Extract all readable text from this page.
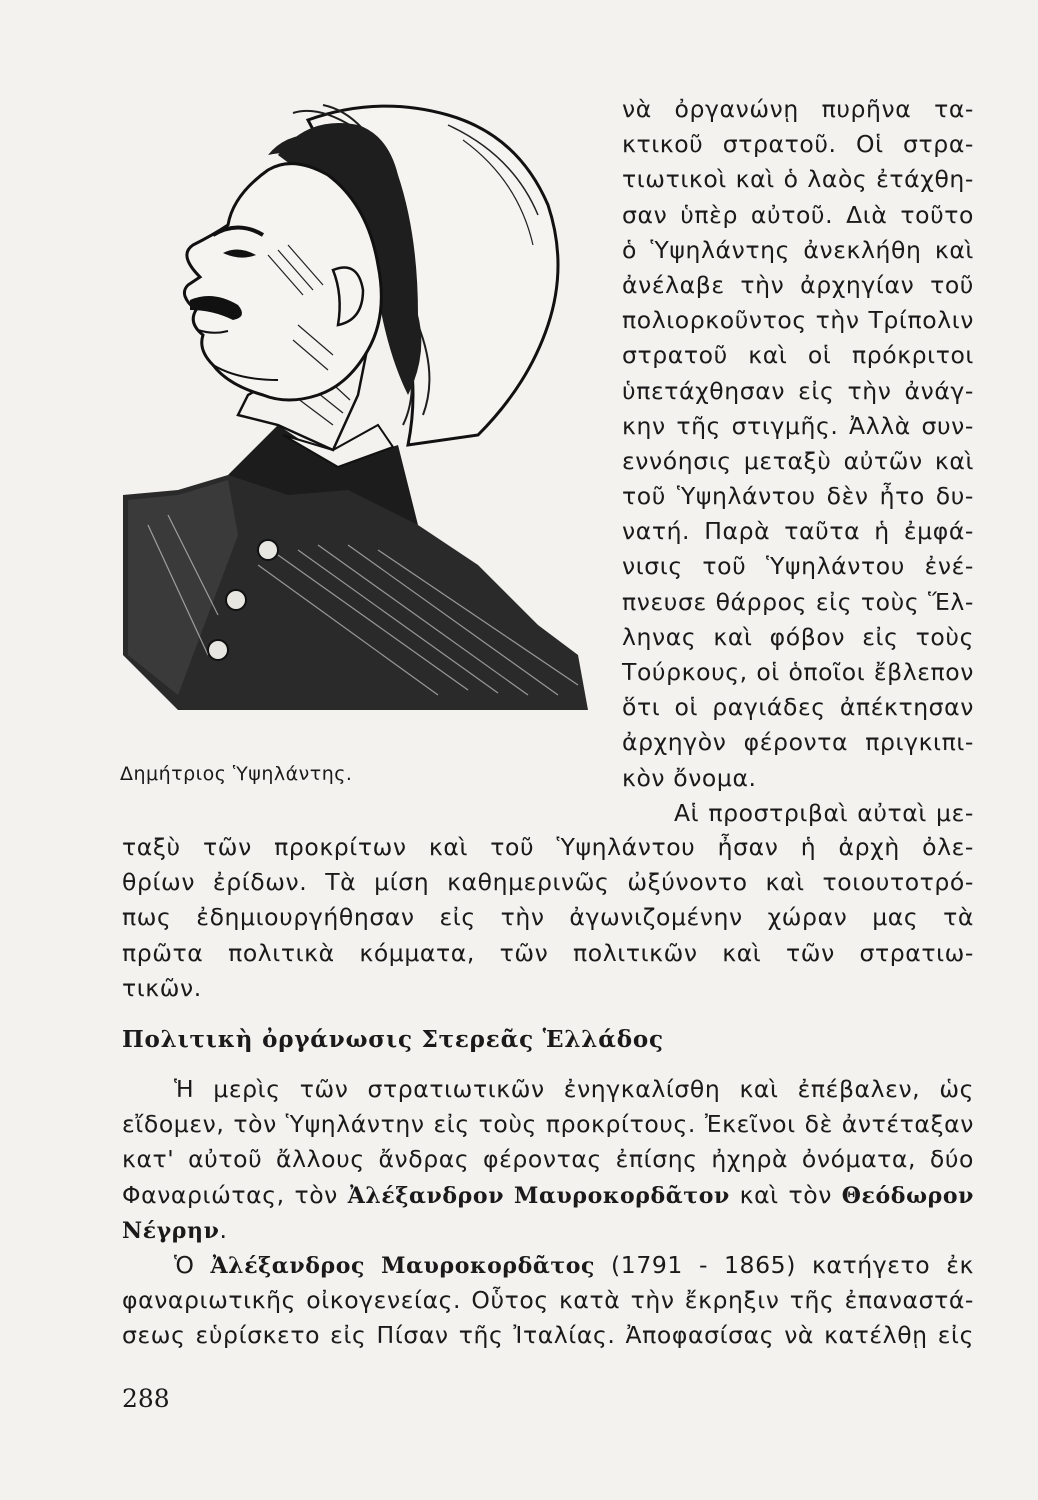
Δημήτριος Ὑψηλάντης.
νὰ ὀργανώνῃ πυρῆνα τα-
κτικοῦ στρατοῦ. Οἱ στρα-
τιωτικοὶ καὶ ὁ λαὸς ἐτάχθη-
σαν ὑπὲρ αὐτοῦ. Διὰ τοῦτο
ὁ Ὑψηλάντης ἀνεκλήθη καὶ
ἀνέλαβε τὴν ἀρχηγίαν τοῦ
πολιορκοῦντος τὴν Τρίπολιν
στρατοῦ καὶ οἱ πρόκριτοι
ὑπετάχθησαν εἰς τὴν ἀνάγ-
κην τῆς στιγμῆς. Ἀλλὰ συν-
εννόησις μεταξὺ αὐτῶν καὶ
τοῦ Ὑψηλάντου δὲν ἦτο δυ-
νατή. Παρὰ ταῦτα ἡ ἐμφά-
νισις τοῦ Ὑψηλάντου ἐνέ-
πνευσε θάρρος εἰς τοὺς Ἕλ-
ληνας καὶ φόβον εἰς τοὺς
Τούρκους, οἱ ὁποῖοι ἔβλεπον
ὅτι οἱ ραγιάδες ἀπέκτησαν
ἀρχηγὸν φέροντα πριγκιπι-
κὸν ὄνομα.
Αἱ προστριβαὶ αὐταὶ με-
ταξὺ τῶν προκρίτων καὶ τοῦ Ὑψηλάντου ἦσαν ἡ ἀρχὴ ὀλε-
θρίων ἐρίδων. Τὰ μίση καθημερινῶς ὠξύνοντο καὶ τοιουτοτρό-
πως ἐδημιουργήθησαν εἰς τὴν ἀγωνιζομένην χώραν μας τὰ
πρῶτα πολιτικὰ κόμματα, τῶν πολιτικῶν καὶ τῶν στρατιω-
τικῶν.
Πολιτικὴ ὀργάνωσις Στερεᾶς Ἑλλάδος
Ἡ μερὶς τῶν στρατιωτικῶν ἐνηγκαλίσθη καὶ ἐπέβαλεν, ὡς
εἴδομεν, τὸν Ὑψηλάντην εἰς τοὺς προκρίτους. Ἐκεῖνοι δὲ ἀντέταξαν
κατ' αὐτοῦ ἄλλους ἄνδρας φέροντας ἐπίσης ἠχηρὰ ὀνόματα, δύο
Φαναριώτας, τὸν Ἀλέξανδρον Μαυροκορδᾶτον καὶ τὸν Θεόδωρον
Νέγρην.
Ὁ Ἀλέξανδρος Μαυροκορδᾶτος (1791 - 1865) κατήγετο ἐκ
φαναριωτικῆς οἰκογενείας. Οὗτος κατὰ τὴν ἔκρηξιν τῆς ἐπαναστά-
σεως εὑρίσκετο εἰς Πίσαν τῆς Ἰταλίας. Ἀποφασίσας νὰ κατέλθῃ εἰς
288
